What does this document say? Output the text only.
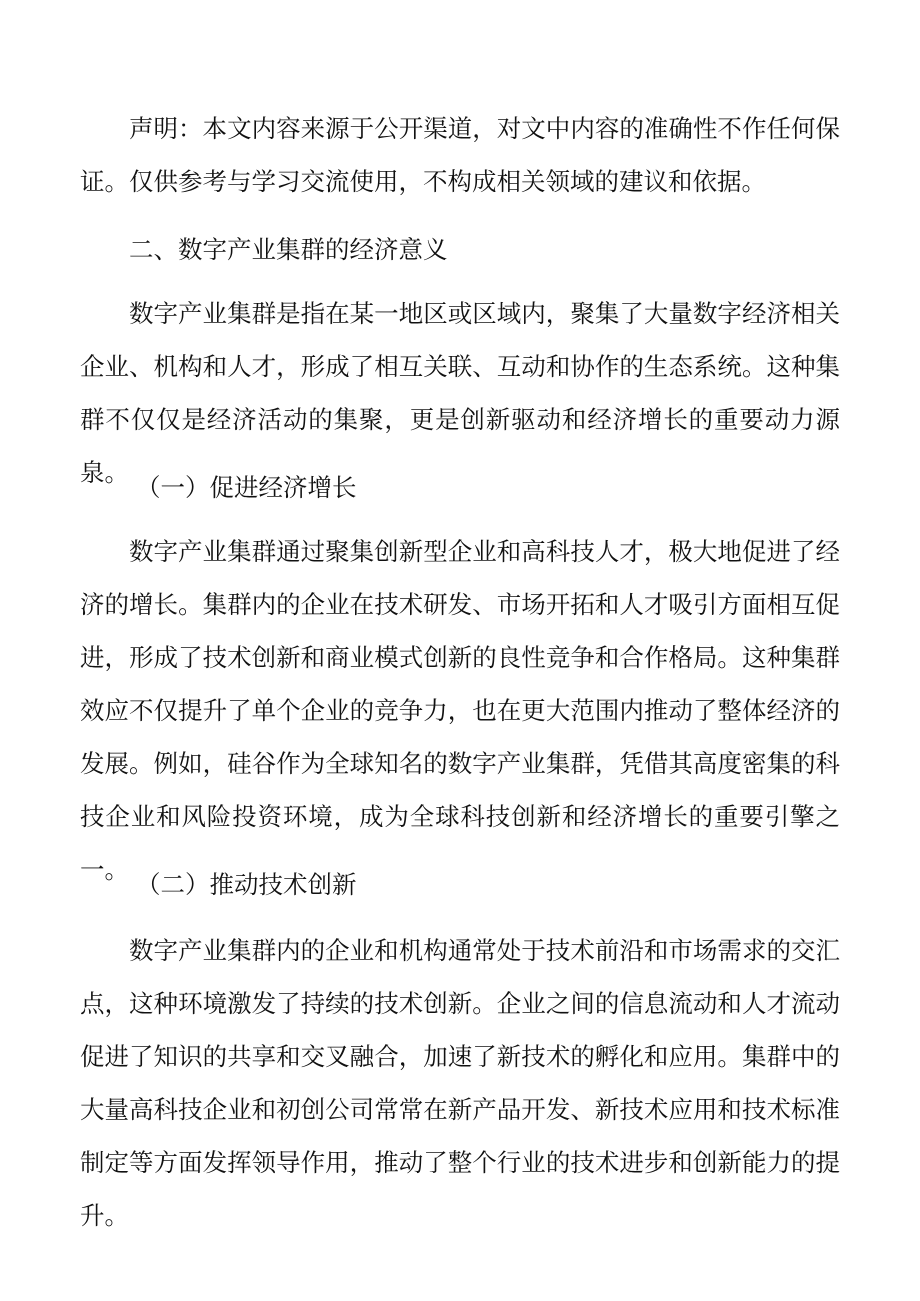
声明：本文内容来源于公开渠道，对文中内容的准确性不作任何保证。仅供参考与学习交流使用，不构成相关领域的建议和依据。

二、数字产业集群的经济意义

数字产业集群是指在某一地区或区域内，聚集了大量数字经济相关企业、机构和人才，形成了相互关联、互动和协作的生态系统。这种集群不仅仅是经济活动的集聚，更是创新驱动和经济增长的重要动力源泉。

（一）促进经济增长

数字产业集群通过聚集创新型企业和高科技人才，极大地促进了经济的增长。集群内的企业在技术研发、市场开拓和人才吸引方面相互促进，形成了技术创新和商业模式创新的良性竞争和合作格局。这种集群效应不仅提升了单个企业的竞争力，也在更大范围内推动了整体经济的发展。例如，硅谷作为全球知名的数字产业集群，凭借其高度密集的科技企业和风险投资环境，成为全球科技创新和经济增长的重要引擎之一。

（二）推动技术创新

数字产业集群内的企业和机构通常处于技术前沿和市场需求的交汇点，这种环境激发了持续的技术创新。企业之间的信息流动和人才流动促进了知识的共享和交叉融合，加速了新技术的孵化和应用。集群中的大量高科技企业和初创公司常常在新产品开发、新技术应用和技术标准制定等方面发挥领导作用，推动了整个行业的技术进步和创新能力的提升。
